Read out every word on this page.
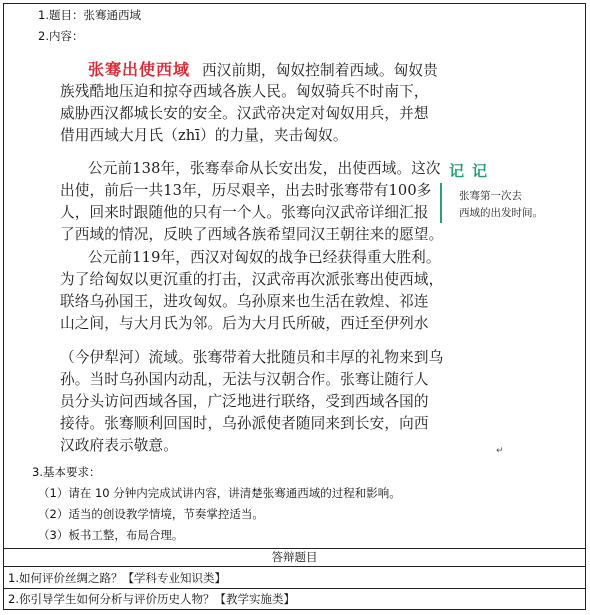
1.题目：张骞通西域
2.内容：
张骞出使西域 西汉前期，匈奴控制着西域。匈奴贵
族残酷地压迫和掠夺西域各族人民。匈奴骑兵不时南下，
威胁西汉都城长安的安全。汉武帝决定对匈奴用兵，并想
借用西域大月氏（zhī）的力量，夹击匈奴。
公元前138年，张骞奉命从长安出发，出使西域。这次
出使，前后一共13年，历尽艰辛，出去时张骞带有100多
人，回来时跟随他的只有一个人。张骞向汉武帝详细汇报
了西域的情况，反映了西域各族希望同汉王朝往来的愿望。
公元前119年，西汉对匈奴的战争已经获得重大胜利。
为了给匈奴以更沉重的打击，汉武帝再次派张骞出使西域，
联络乌孙国王，进攻匈奴。乌孙原来也生活在敦煌、祁连
山之间，与大月氏为邻。后为大月氏所破，西迁至伊列水
（今伊犁河）流域。张骞带着大批随员和丰厚的礼物来到乌
孙。当时乌孙国内动乱，无法与汉朝合作。张骞让随行人
员分头访问西域各国，广泛地进行联络，受到西域各国的
接待。张骞顺利回国时，乌孙派使者随同来到长安，向西
汉政府表示敬意。
记记
张骞第一次去
西域的出发时间。
↵
3.基本要求：
（1）请在 10 分钟内完成试讲内容，讲清楚张骞通西域的过程和影响。
（2）适当的创设教学情境，节奏掌控适当。
（3）板书工整，布局合理。
答辩题目
1.如何评价丝绸之路？【学科专业知识类】
2.你引导学生如何分析与评价历史人物？【教学实施类】
